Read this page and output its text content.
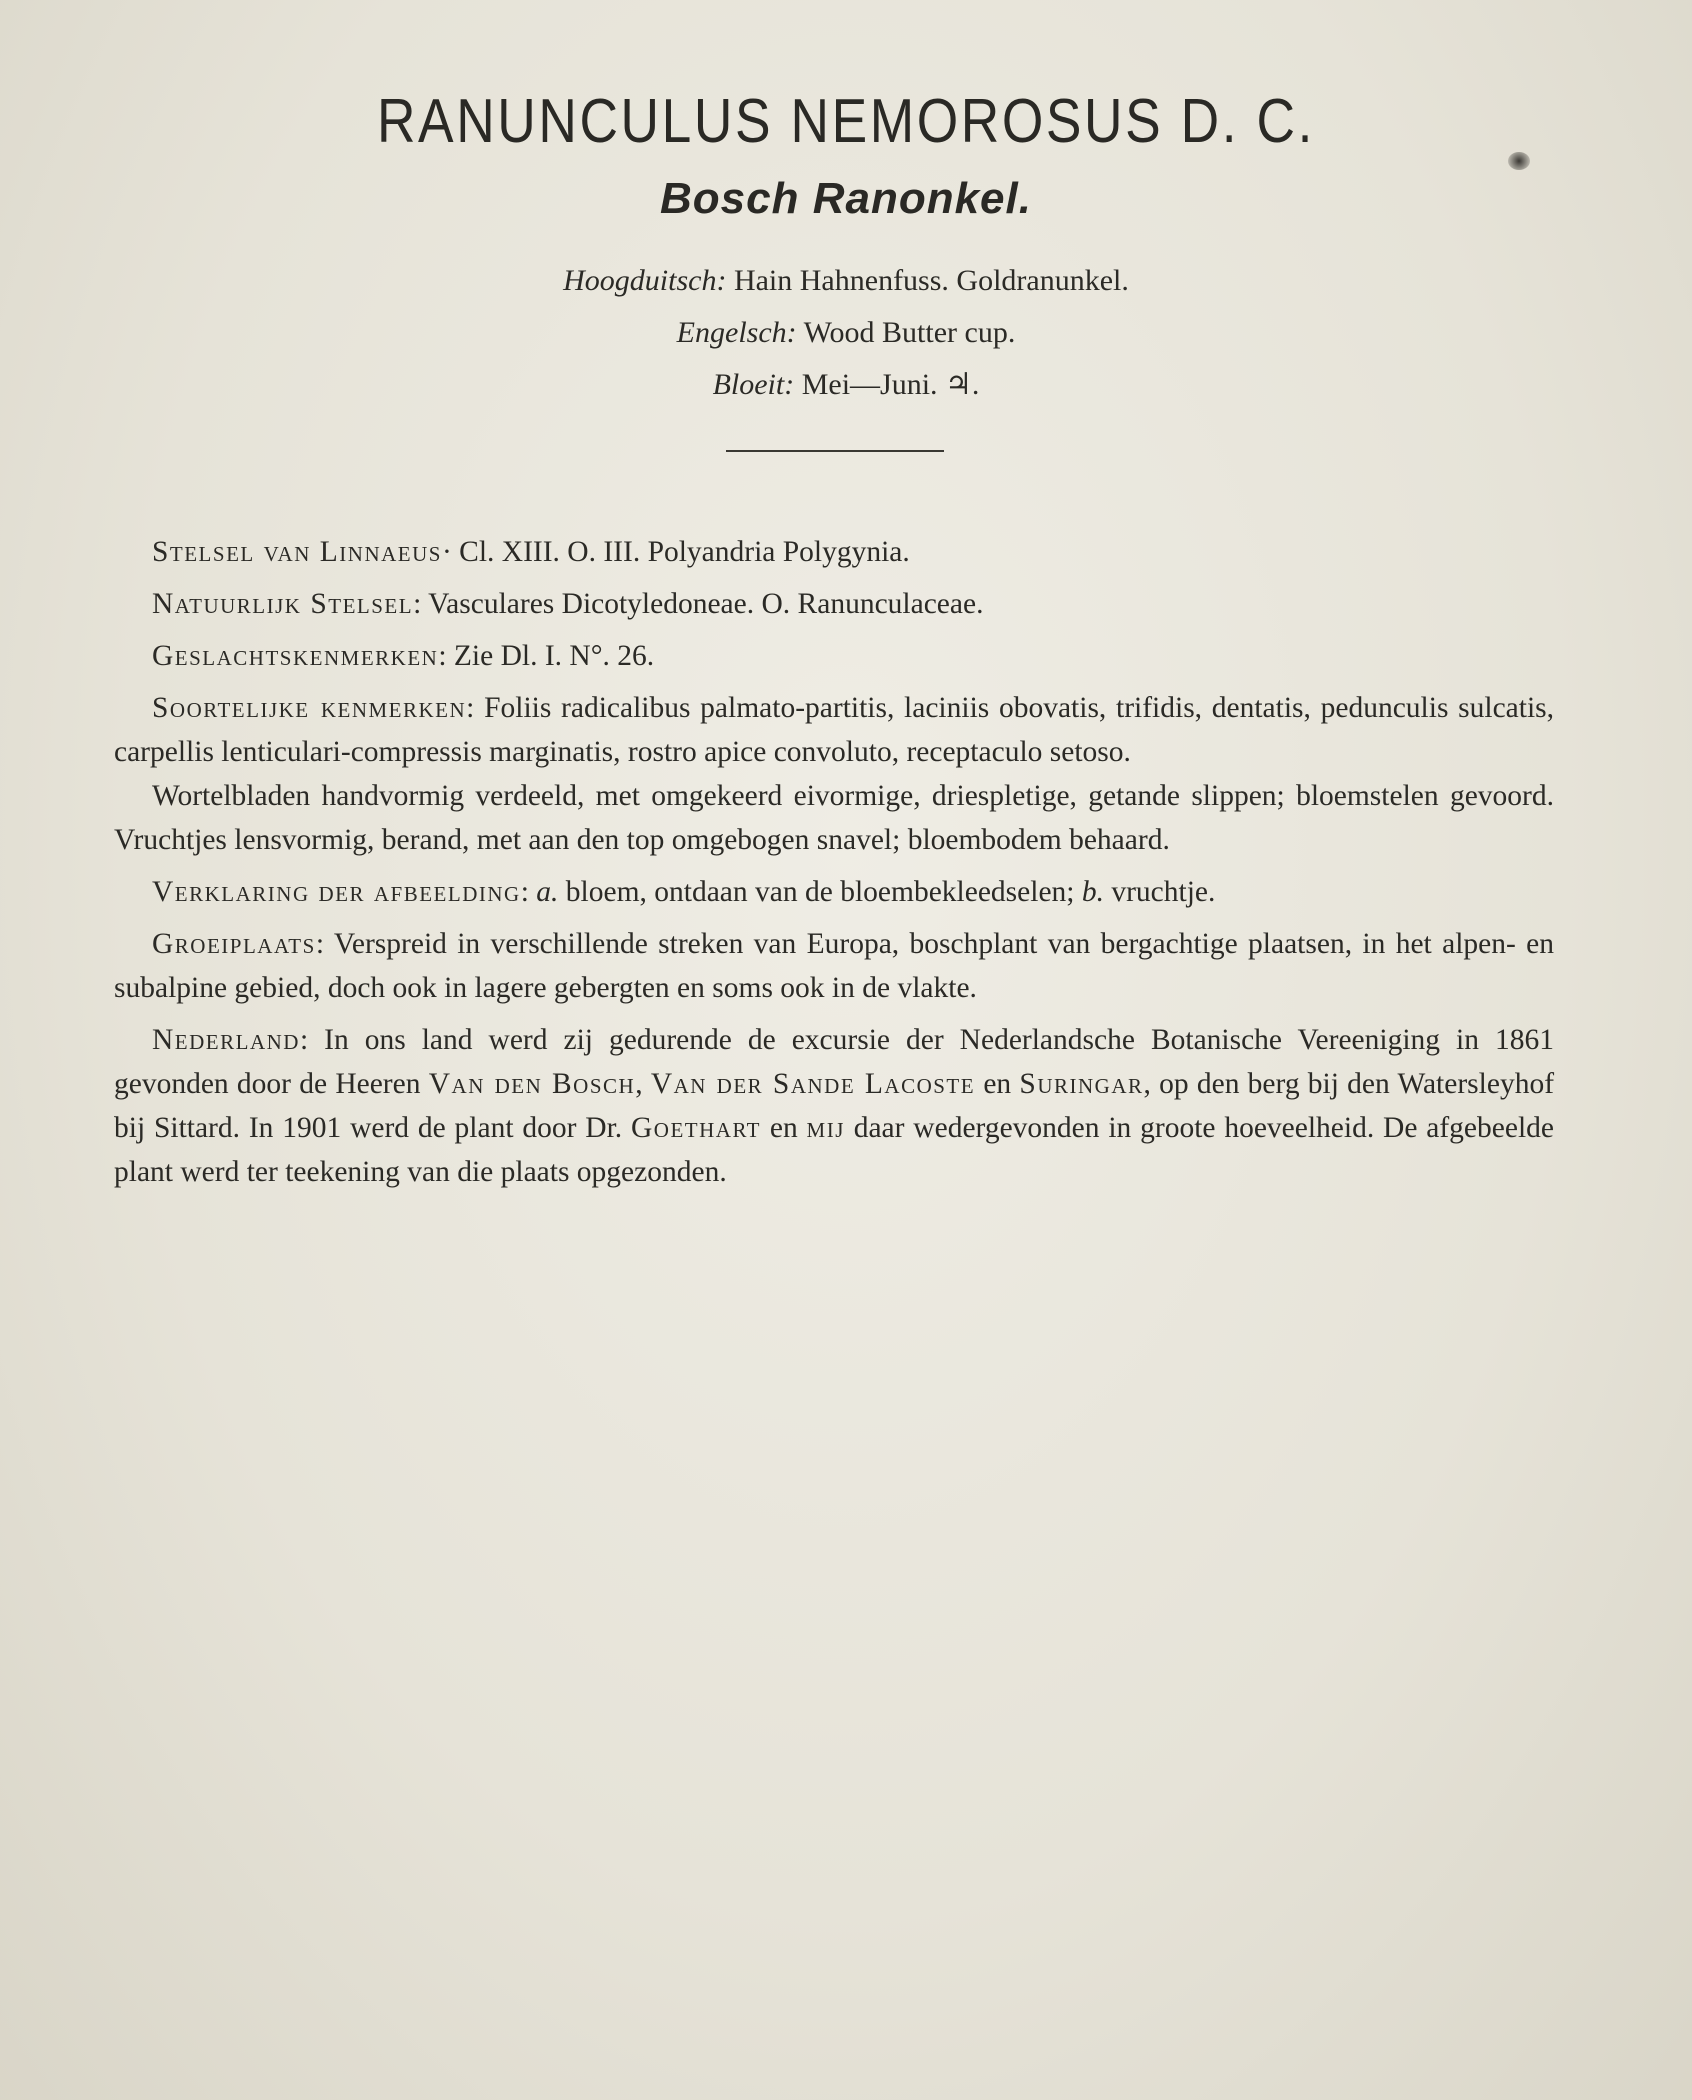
RANUNCULUS NEMOROSUS D. C.
Bosch Ranonkel.
Hoogduitsch: Hain Hahnenfuss. Goldranunkel.
Engelsch: Wood Butter cup.
Bloeit: Mei—Juni. ♃.

Stelsel van Linnaeus· Cl. XIII. O. III. Polyandria Polygynia.

Natuurlijk Stelsel: Vasculares Dicotyledoneae. O. Ranunculaceae.

Geslachtskenmerken: Zie Dl. I. N°. 26.

Soortelijke kenmerken: Foliis radicalibus palmato-partitis, laciniis obovatis, trifidis, dentatis, pedunculis sulcatis, carpellis lenticulari-compressis marginatis, rostro apice convoluto, receptaculo setoso.

Wortelbladen handvormig verdeeld, met omgekeerd eivormige, driespletige, getande slippen; bloemstelen gevoord. Vruchtjes lensvormig, berand, met aan den top omgebogen snavel; bloembodem behaard.

Verklaring der afbeelding: a. bloem, ontdaan van de bloembekleedselen; b. vruchtje.

Groeiplaats: Verspreid in verschillende streken van Europa, boschplant van bergachtige plaatsen, in het alpen- en subalpine gebied, doch ook in lagere gebergten en soms ook in de vlakte.

Nederland: In ons land werd zij gedurende de excursie der Nederlandsche Botanische Vereeniging in 1861 gevonden door de Heeren Van den Bosch, Van der Sande Lacoste en Suringar, op den berg bij den Watersleyhof bij Sittard. In 1901 werd de plant door Dr. Goethart en mij daar wedergevonden in groote hoeveelheid. De afgebeelde plant werd ter teekening van die plaats opgezonden.
